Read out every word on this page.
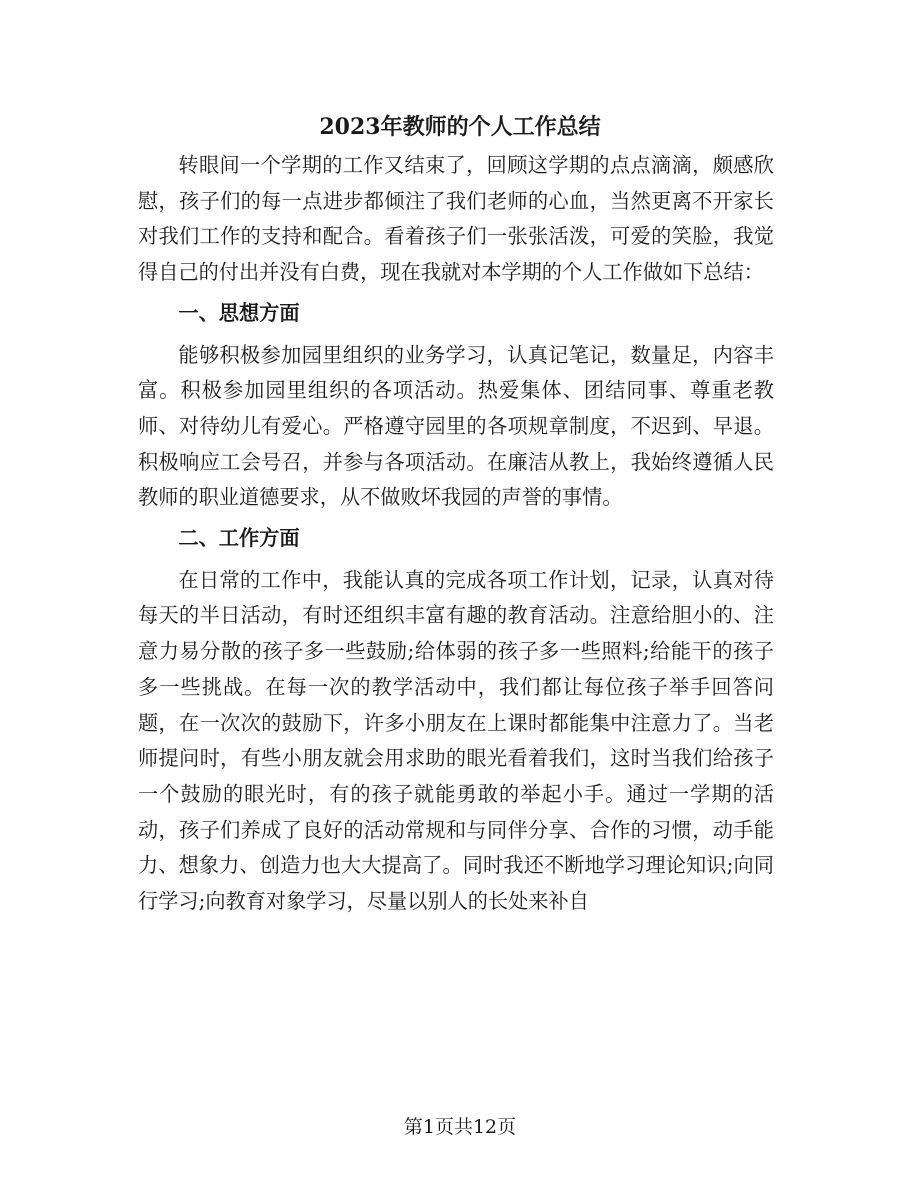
2023年教师的个人工作总结

转眼间一个学期的工作又结束了，回顾这学期的点点滴滴，颇感欣慰，孩子们的每一点进步都倾注了我们老师的心血，当然更离不开家长对我们工作的支持和配合。看着孩子们一张张活泼，可爱的笑脸，我觉得自己的付出并没有白费，现在我就对本学期的个人工作做如下总结：

一、思想方面

能够积极参加园里组织的业务学习，认真记笔记，数量足，内容丰富。积极参加园里组织的各项活动。热爱集体、团结同事、尊重老教师、对待幼儿有爱心。严格遵守园里的各项规章制度，不迟到、早退。积极响应工会号召，并参与各项活动。在廉洁从教上，我始终遵循人民教师的职业道德要求，从不做败坏我园的声誉的事情。

二、工作方面

在日常的工作中，我能认真的完成各项工作计划，记录，认真对待每天的半日活动，有时还组织丰富有趣的教育活动。注意给胆小的、注意力易分散的孩子多一些鼓励;给体弱的孩子多一些照料;给能干的孩子多一些挑战。在每一次的教学活动中，我们都让每位孩子举手回答问题，在一次次的鼓励下，许多小朋友在上课时都能集中注意力了。当老师提问时，有些小朋友就会用求助的眼光看着我们，这时当我们给孩子一个鼓励的眼光时，有的孩子就能勇敢的举起小手。通过一学期的活动，孩子们养成了良好的活动常规和与同伴分享、合作的习惯，动手能力、想象力、创造力也大大提高了。同时我还不断地学习理论知识;向同行学习;向教育对象学习，尽量以别人的长处来补自

第1页共12页
